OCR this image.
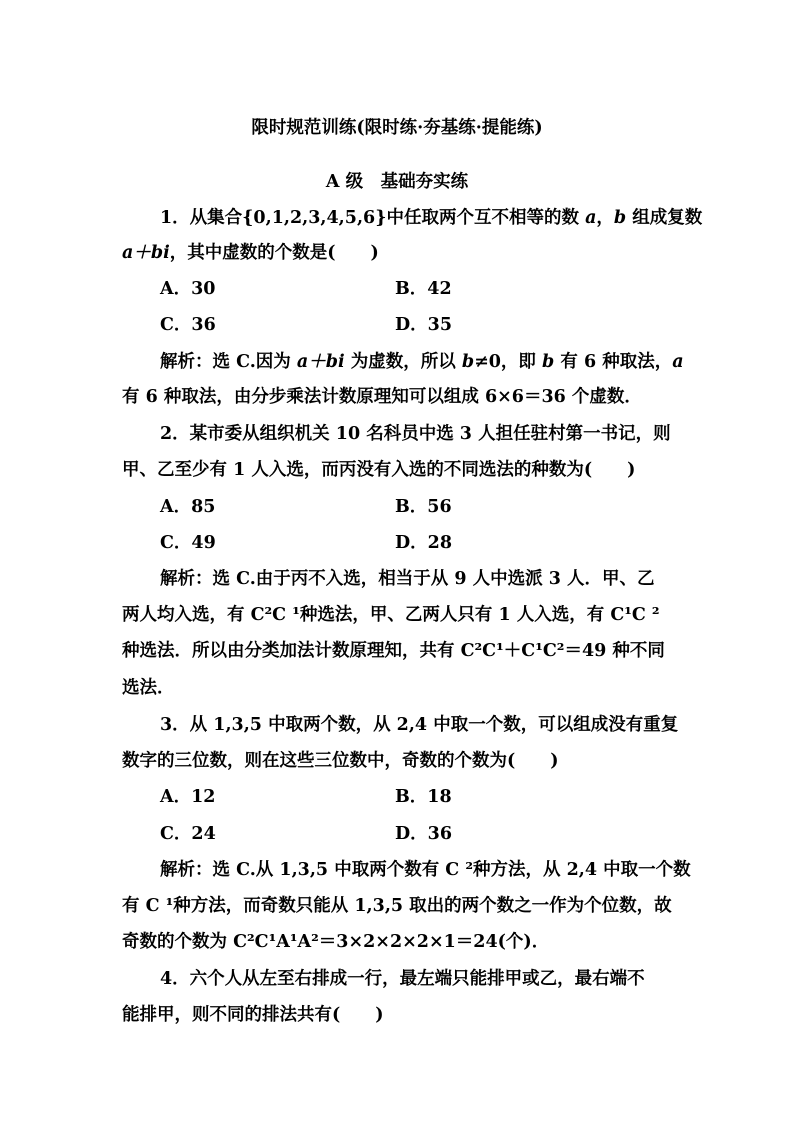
限时规范训练(限时练·夯基练·提能练)
A 级　基础夯实练
1．从集合{0,1,2,3,4,5,6}中任取两个互不相等的数 a，b 组成复数
a＋bi，其中虚数的个数是(　　)
A．30	B．42
C．36	D．35
解析：选 C.因为 a＋bi 为虚数，所以 b≠0，即 b 有 6 种取法，a
有 6 种取法，由分步乘法计数原理知可以组成 6×6＝36 个虚数．
2．某市委从组织机关 10 名科员中选 3 人担任驻村第一书记，则
甲、乙至少有 1 人入选，而丙没有入选的不同选法的种数为(　　)
A．85	B．56
C．49	D．28
解析：选 C.由于丙不入选，相当于从 9 人中选派 3 人．甲、乙
两人均入选，有 C²C ¹种选法，甲、乙两人只有 1 人入选，有 C¹C ²
种选法．所以由分类加法计数原理知，共有 C²C¹＋C¹C²＝49 种不同
选法．
3．从 1,3,5 中取两个数，从 2,4 中取一个数，可以组成没有重复
数字的三位数，则在这些三位数中，奇数的个数为(　　)
A．12	B．18
C．24	D．36
解析：选 C.从 1,3,5 中取两个数有 C ²种方法，从 2,4 中取一个数
有 C ¹种方法，而奇数只能从 1,3,5 取出的两个数之一作为个位数，故
奇数的个数为 C²C¹A¹A²＝3×2×2×2×1＝24(个)．
4．六个人从左至右排成一行，最左端只能排甲或乙，最右端不
能排甲，则不同的排法共有(　　)
